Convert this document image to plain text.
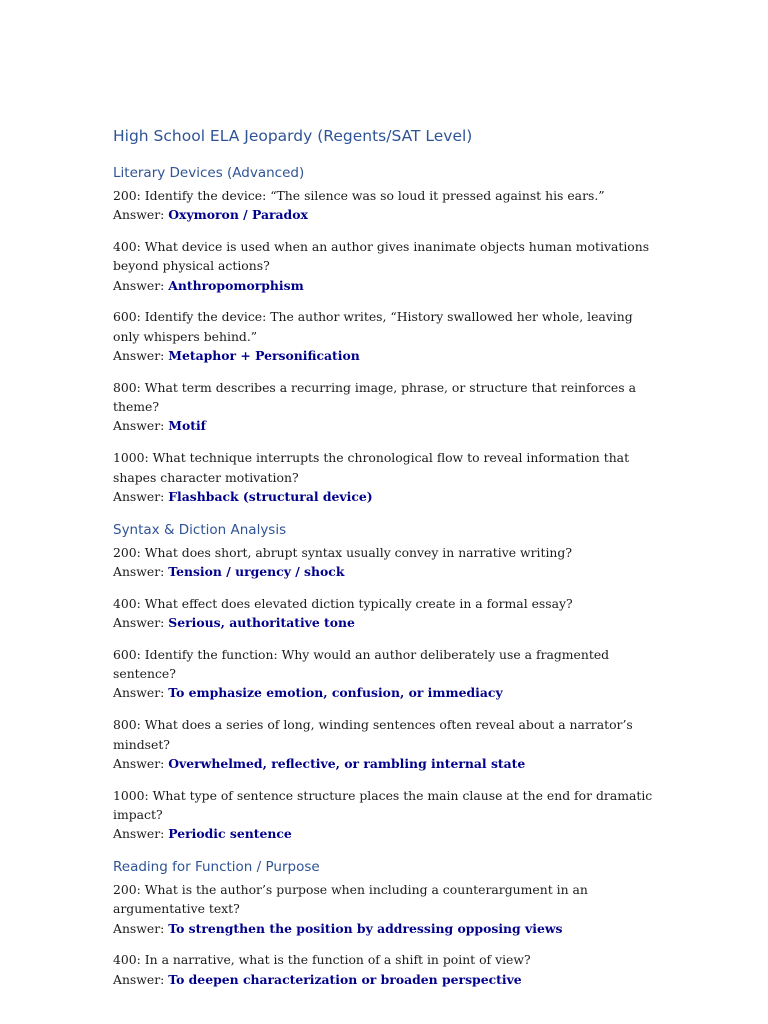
High School ELA Jeopardy (Regents/SAT Level)
Literary Devices (Advanced)
200: Identify the device: “The silence was so loud it pressed against his ears.”
Answer: Oxymoron / Paradox
400: What device is used when an author gives inanimate objects human motivations beyond physical actions?
Answer: Anthropomorphism
600: Identify the device: The author writes, “History swallowed her whole, leaving only whispers behind.”
Answer: Metaphor + Personification
800: What term describes a recurring image, phrase, or structure that reinforces a theme?
Answer: Motif
1000: What technique interrupts the chronological flow to reveal information that shapes character motivation?
Answer: Flashback (structural device)
Syntax & Diction Analysis
200: What does short, abrupt syntax usually convey in narrative writing?
Answer: Tension / urgency / shock
400: What effect does elevated diction typically create in a formal essay?
Answer: Serious, authoritative tone
600: Identify the function: Why would an author deliberately use a fragmented sentence?
Answer: To emphasize emotion, confusion, or immediacy
800: What does a series of long, winding sentences often reveal about a narrator’s mindset?
Answer: Overwhelmed, reflective, or rambling internal state
1000: What type of sentence structure places the main clause at the end for dramatic impact?
Answer: Periodic sentence
Reading for Function / Purpose
200: What is the author’s purpose when including a counterargument in an argumentative text?
Answer: To strengthen the position by addressing opposing views
400: In a narrative, what is the function of a shift in point of view?
Answer: To deepen characterization or broaden perspective
